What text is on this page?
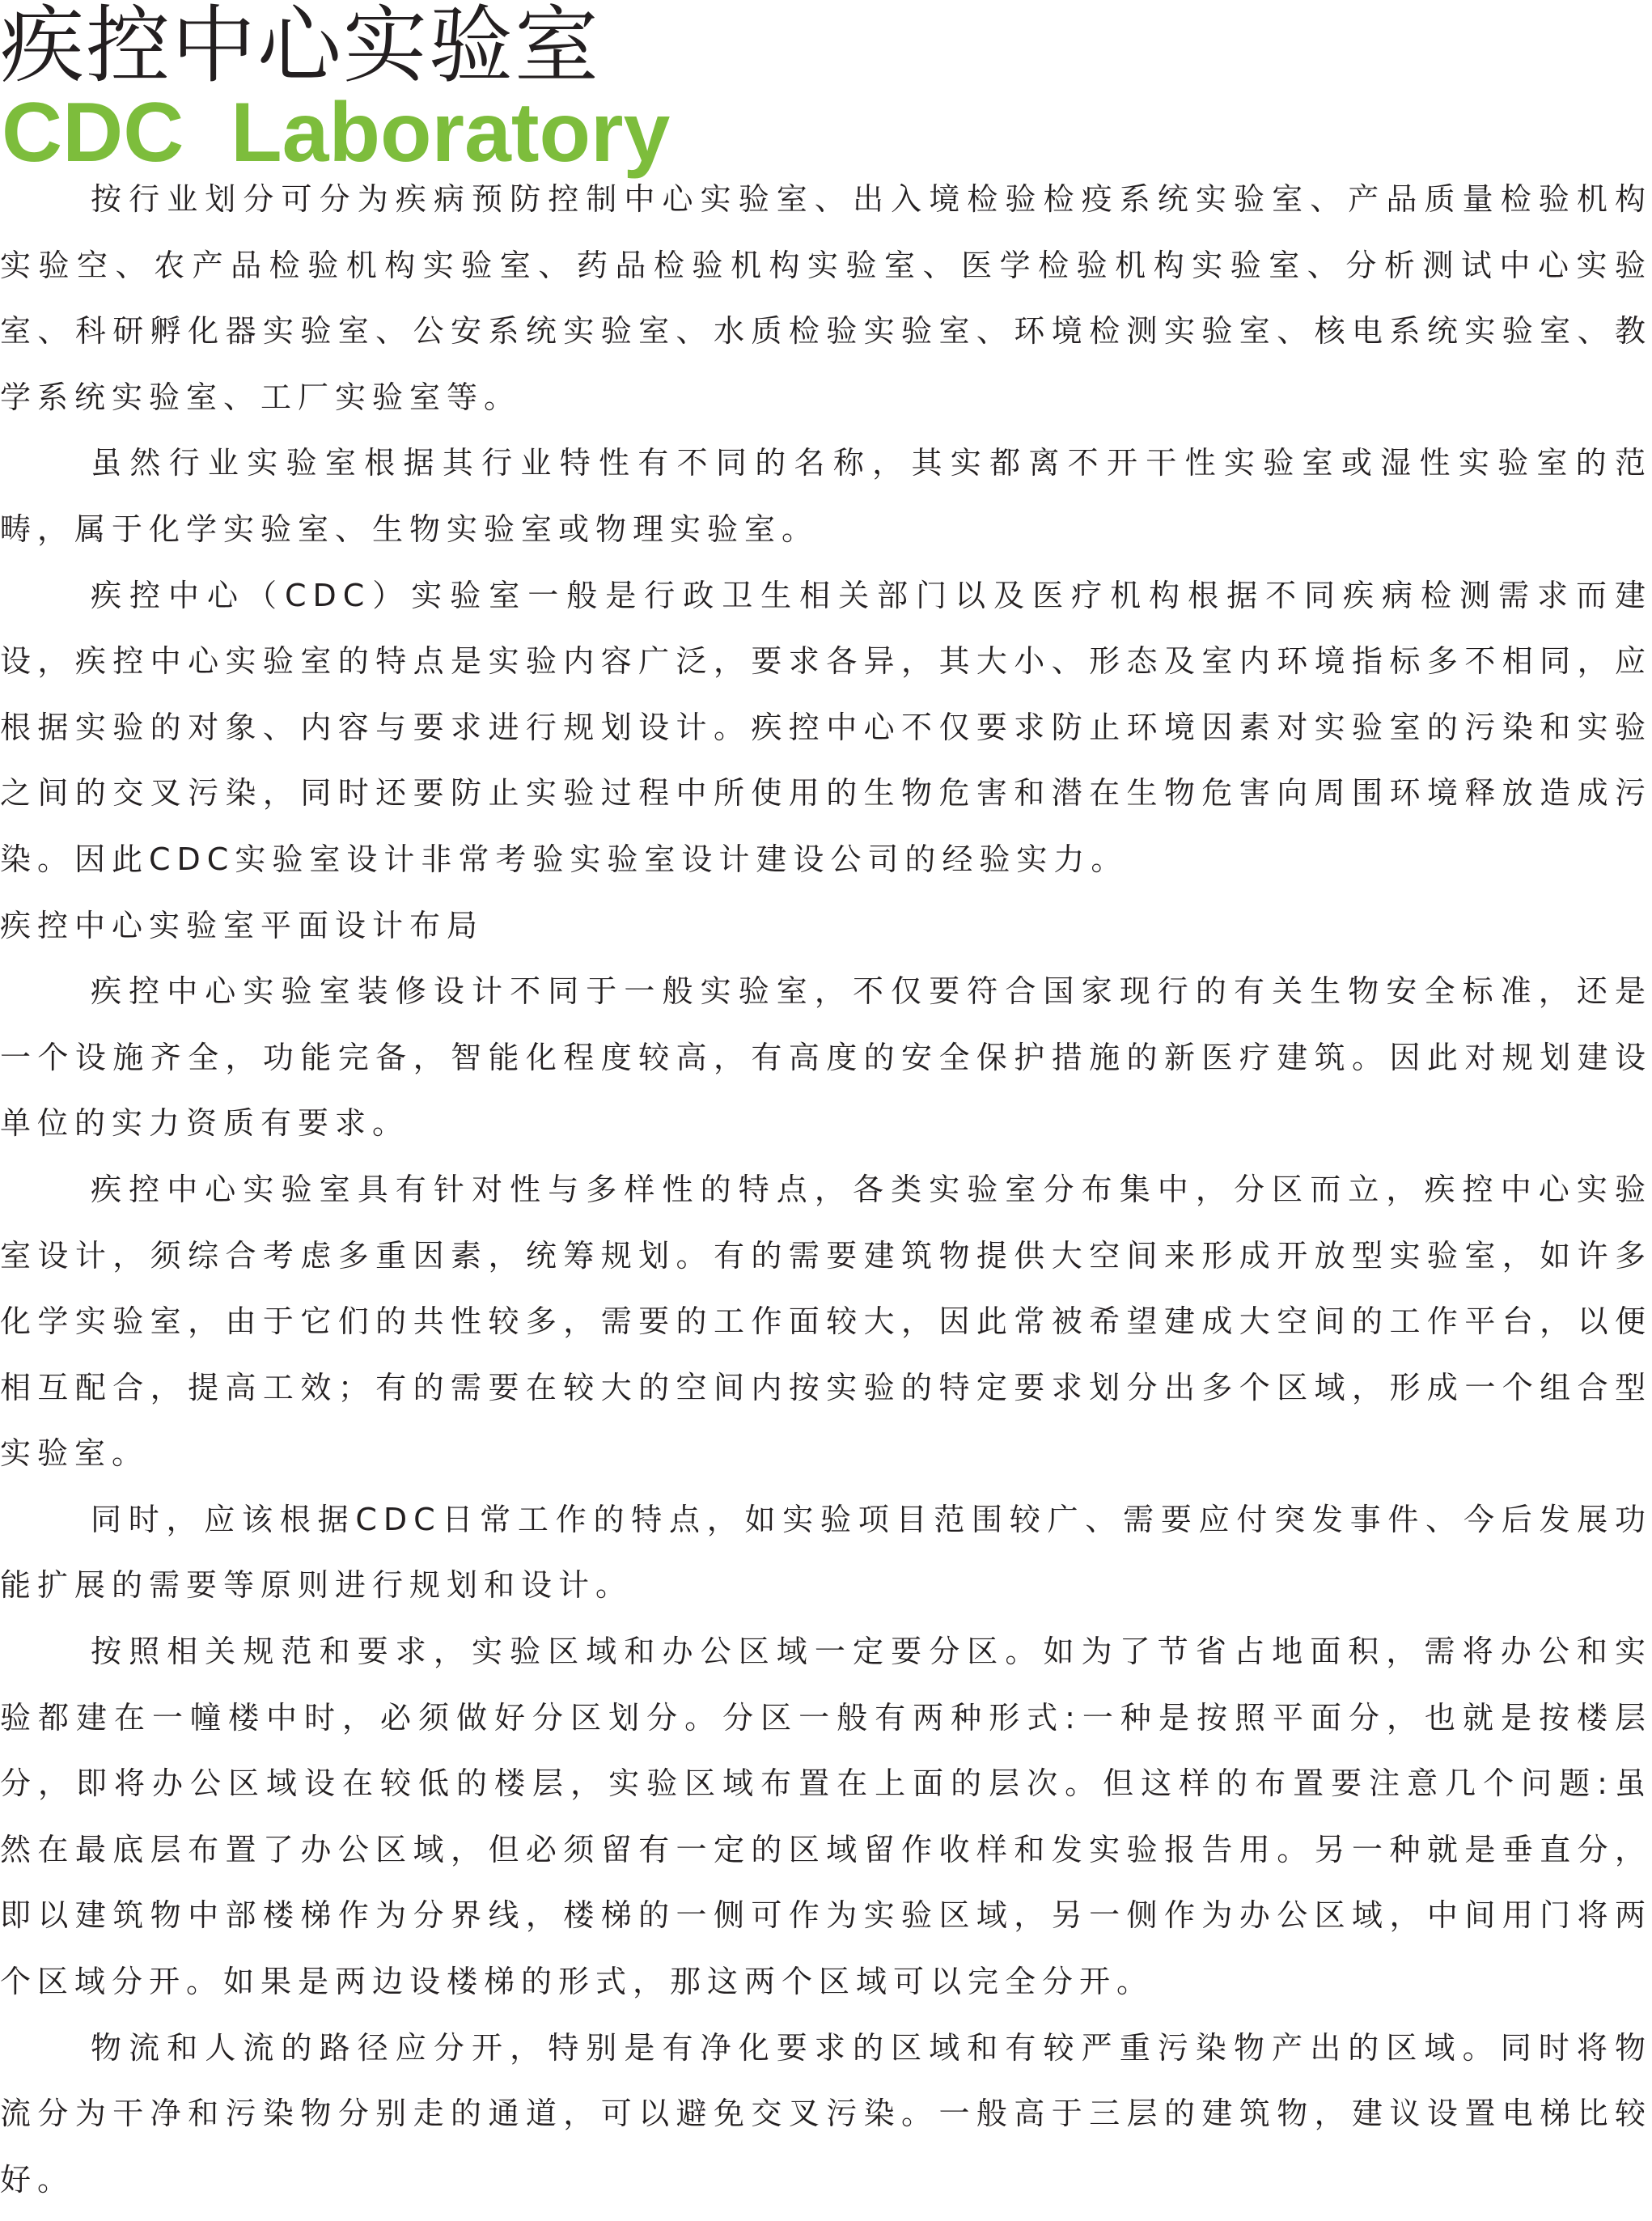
疾控中心实验室
CDC  Laboratory

按行业划分可分为疾病预防控制中心实验室、出入境检验检疫系统实验室、产品质量检验机构实验空、农产品检验机构实验室、药品检验机构实验室、医学检验机构实验室、分析测试中心实验室、科研孵化器实验室、公安系统实验室、水质检验实验室、环境检测实验室、核电系统实验室、教学系统实验室、工厂实验室等。

虽然行业实验室根据其行业特性有不同的名称，其实都离不开干性实验室或湿性实验室的范畴，属于化学实验室、生物实验室或物理实验室。

疾控中心（CDC）实验室一般是行政卫生相关部门以及医疗机构根据不同疾病检测需求而建设，疾控中心实验室的特点是实验内容广泛，要求各异，其大小、形态及室内环境指标多不相同，应根据实验的对象、内容与要求进行规划设计。疾控中心不仅要求防止环境因素对实验室的污染和实验之间的交叉污染，同时还要防止实验过程中所使用的生物危害和潜在生物危害向周围环境释放造成污染。因此CDC实验室设计非常考验实验室设计建设公司的经验实力。

疾控中心实验室平面设计布局

疾控中心实验室装修设计不同于一般实验室，不仅要符合国家现行的有关生物安全标准，还是一个设施齐全，功能完备，智能化程度较高，有高度的安全保护措施的新医疗建筑。因此对规划建设单位的实力资质有要求。

疾控中心实验室具有针对性与多样性的特点，各类实验室分布集中，分区而立，疾控中心实验室设计，须综合考虑多重因素，统筹规划。有的需要建筑物提供大空间来形成开放型实验室，如许多化学实验室，由于它们的共性较多，需要的工作面较大，因此常被希望建成大空间的工作平台，以便相互配合，提高工效；有的需要在较大的空间内按实验的特定要求划分出多个区域，形成一个组合型实验室。

同时，应该根据CDC日常工作的特点，如实验项目范围较广、需要应付突发事件、今后发展功能扩展的需要等原则进行规划和设计。

按照相关规范和要求，实验区域和办公区域一定要分区。如为了节省占地面积，需将办公和实验都建在一幢楼中时，必须做好分区划分。分区一般有两种形式:一种是按照平面分，也就是按楼层分，即将办公区域设在较低的楼层，实验区域布置在上面的层次。但这样的布置要注意几个问题:虽然在最底层布置了办公区域，但必须留有一定的区域留作收样和发实验报告用。另一种就是垂直分，即以建筑物中部楼梯作为分界线，楼梯的一侧可作为实验区域，另一侧作为办公区域，中间用门将两个区域分开。如果是两边设楼梯的形式，那这两个区域可以完全分开。

物流和人流的路径应分开，特别是有净化要求的区域和有较严重污染物产出的区域。同时将物流分为干净和污染物分别走的通道，可以避免交叉污染。一般高于三层的建筑物，建议设置电梯比较好。
